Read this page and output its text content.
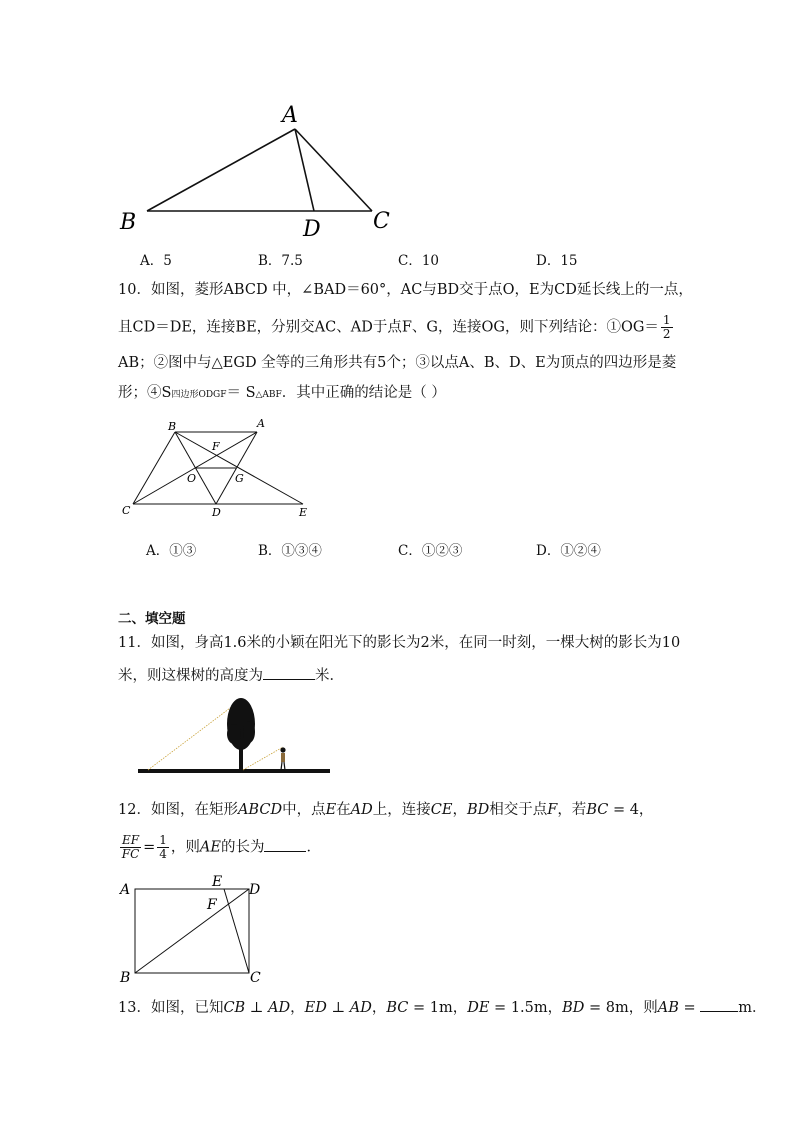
A
B	C
D
A．5	B．7.5	C．10	D．15
10．如图，菱形ABCD 中，∠BAD＝60°，AC与BD交于点O，E为CD延长线上的一点，
且CD＝DE，连接BE，分别交AC、AD于点F、G，连接OG，则下列结论：①OG＝ $\frac{1}{2}$
AB；②图中与△EGD 全等的三角形共有5个；③以点A、B、D、E为顶点的四边形是菱
形；④S四边形ODGF＝ S△ABF．其中正确的结论是（ ）
B	A
F
O	G
C	D	E
A．①③	B．①③④	C．①②③	D．①②④
二、填空题
11．如图，身高1.6米的小颖在阳光下的影长为2米，在同一时刻，一棵大树的影长为10
米，则这棵树的高度为	米．
12．如图，在矩形ABCD中，点E在AD上，连接CE，BD相交于点F，若BC = 4，
$\frac{EF}{FC} = \frac{1}{4}$ ，则AE的长为	．
A	E D
F
B	C
13．如图，已知CB ⊥ AD，ED ⊥ AD，BC = 1m，DE = 1.5m，BD = 8m，则AB =	m．
